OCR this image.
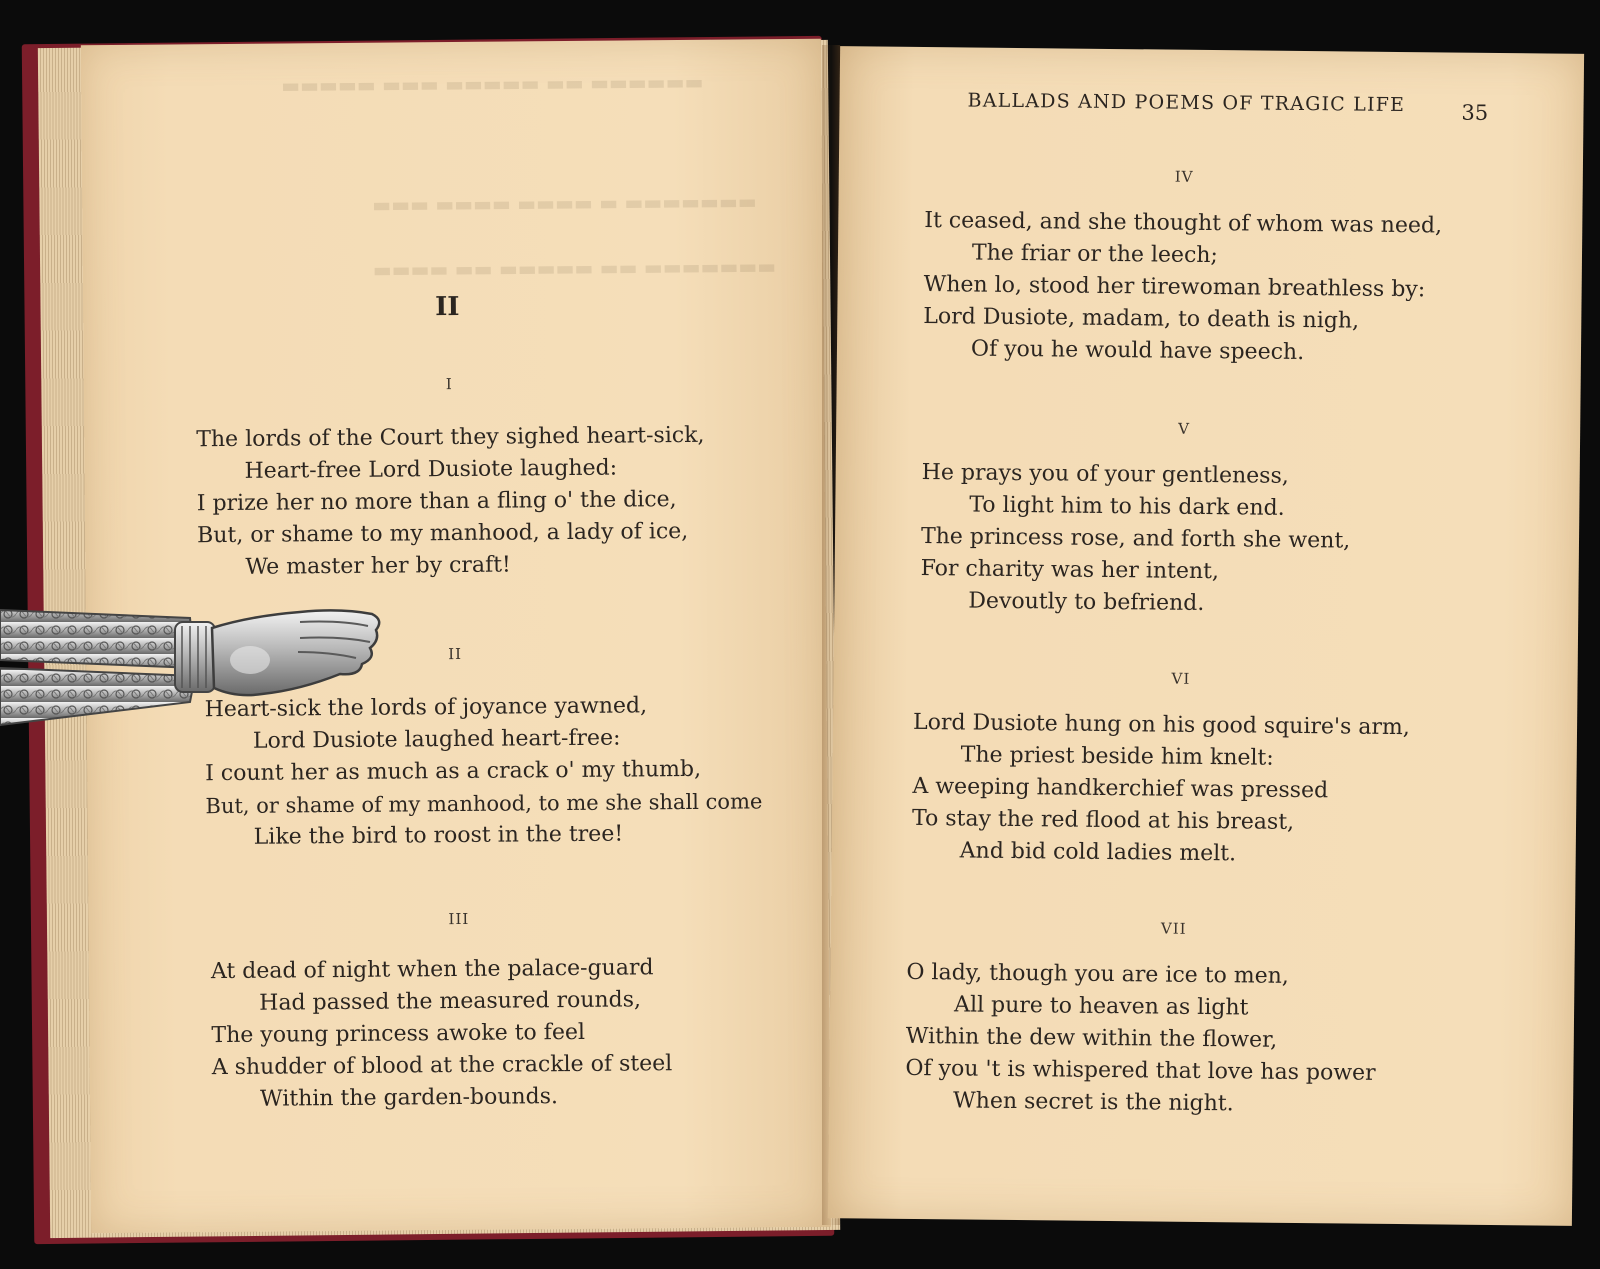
▬▬▬▬▬ ▬▬▬ ▬▬▬▬▬ ▬▬ ▬▬▬▬▬▬
▬▬▬ ▬▬▬▬ ▬▬▬▬ ▬ ▬▬▬▬▬▬▬
▬▬▬▬ ▬▬ ▬▬▬▬▬ ▬▬ ▬▬▬▬▬▬▬
II
I
The lords of the Court they sighed heart-sick,
Heart-free Lord Dusiote laughed:
I prize her no more than a fling o' the dice,
But, or shame to my manhood, a lady of ice,
We master her by craft!
II
Heart-sick the lords of joyance yawned,
Lord Dusiote laughed heart-free:
I count her as much as a crack o' my thumb,
But, or shame of my manhood, to me she shall come
Like the bird to roost in the tree!
III
At dead of night when the palace-guard
Had passed the measured rounds,
The young princess awoke to feel
A shudder of blood at the crackle of steel
Within the garden-bounds.
BALLADS AND POEMS OF TRAGIC LIFE	35
IV
It ceased, and she thought of whom was need,
The friar or the leech;
When lo, stood her tirewoman breathless by:
Lord Dusiote, madam, to death is nigh,
Of you he would have speech.
V
He prays you of your gentleness,
To light him to his dark end.
The princess rose, and forth she went,
For charity was her intent,
Devoutly to befriend.
VI
Lord Dusiote hung on his good squire's arm,
The priest beside him knelt:
A weeping handkerchief was pressed
To stay the red flood at his breast,
And bid cold ladies melt.
VII
O lady, though you are ice to men,
All pure to heaven as light
Within the dew within the flower,
Of you 't is whispered that love has power
When secret is the night.
